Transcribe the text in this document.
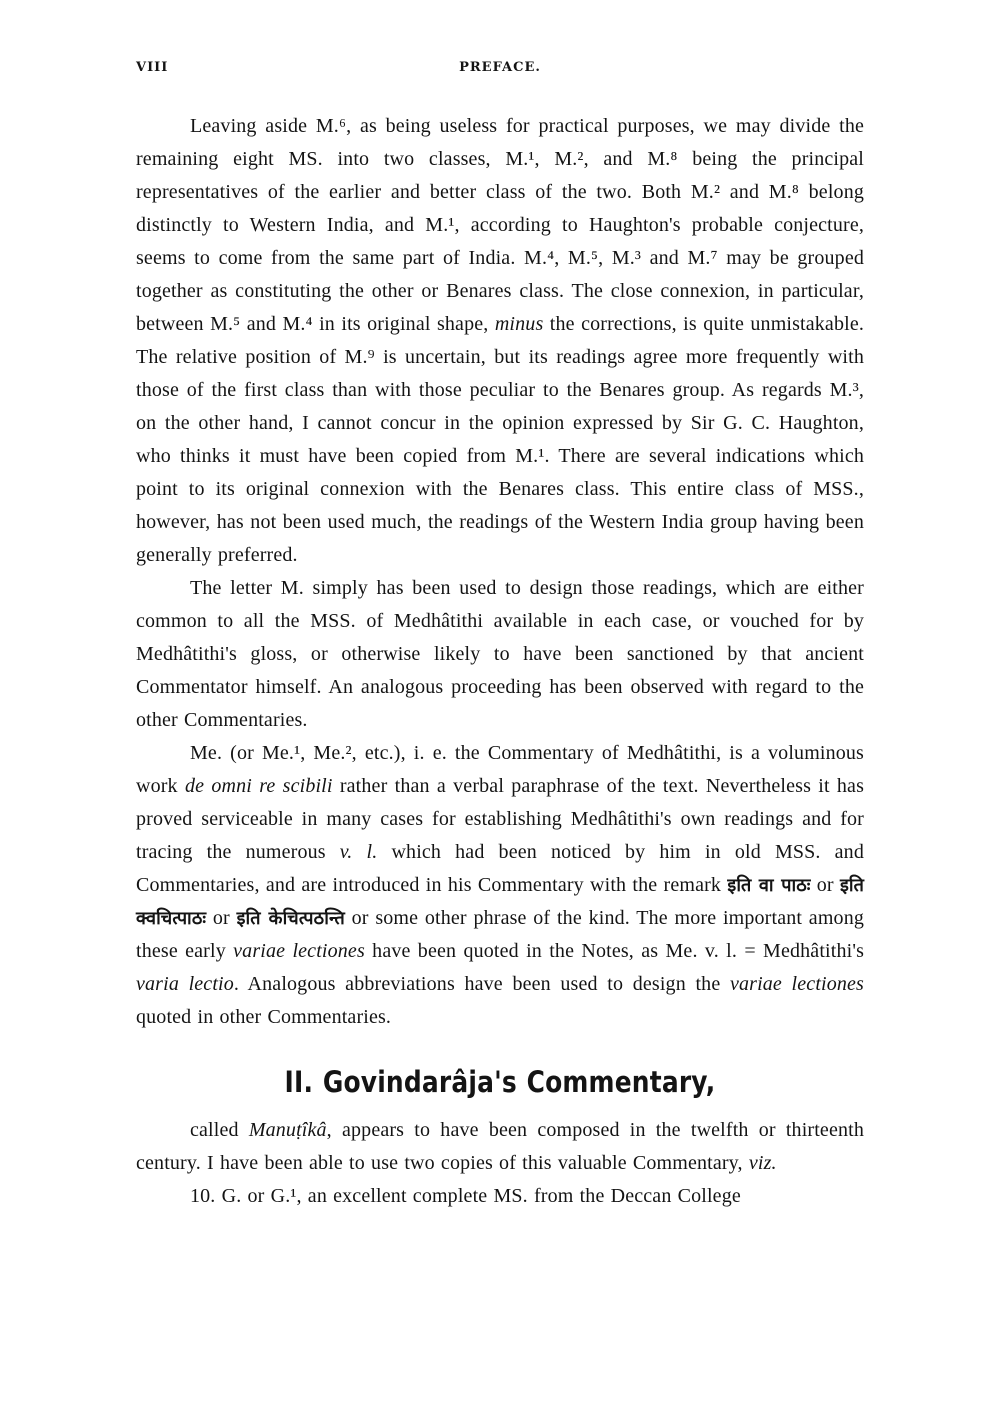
VIII	PREFACE.

Leaving aside M.⁶, as being useless for practical purposes, we may divide the remaining eight MS. into two classes, M.¹, M.², and M.⁸ being the principal representatives of the earlier and better class of the two. Both M.² and M.⁸ belong distinctly to Western India, and M.¹, according to Haughton's probable conjecture, seems to come from the same part of India. M.⁴, M.⁵, M.³ and M.⁷ may be grouped together as constituting the other or Benares class. The close connexion, in particular, between M.⁵ and M.⁴ in its original shape, minus the corrections, is quite unmistakable. The relative position of M.⁹ is uncertain, but its readings agree more frequently with those of the first class than with those peculiar to the Benares group. As regards M.³, on the other hand, I cannot concur in the opinion expressed by Sir G. C. Haughton, who thinks it must have been copied from M.¹. There are several indications which point to its original connexion with the Benares class. This entire class of MSS., however, has not been used much, the readings of the Western India group having been generally preferred.

The letter M. simply has been used to design those readings, which are either common to all the MSS. of Medhâtithi available in each case, or vouched for by Medhâtithi's gloss, or otherwise likely to have been sanctioned by that ancient Commentator himself. An analogous proceeding has been observed with regard to the other Commentaries.

Me. (or Me.¹, Me.², etc.), i. e. the Commentary of Medhâtithi, is a voluminous work de omni re scibili rather than a verbal paraphrase of the text. Nevertheless it has proved serviceable in many cases for establishing Medhâtithi's own readings and for tracing the numerous v. l. which had been noticed by him in old MSS. and Commentaries, and are introduced in his Commentary with the remark इति वा पाठः or इति क्वचित्पाठः or इति केचित्पठन्ति or some other phrase of the kind. The more important among these early variae lectiones have been quoted in the Notes, as Me. v. l. = Medhâtithi's varia lectio. Analogous abbreviations have been used to design the variae lectiones quoted in other Commentaries.

II. Govindarâja's Commentary,

called Manuṭîkâ, appears to have been composed in the twelfth or thirteenth century. I have been able to use two copies of this valuable Commentary, viz.

10. G. or G.¹, an excellent complete MS. from the Deccan College
